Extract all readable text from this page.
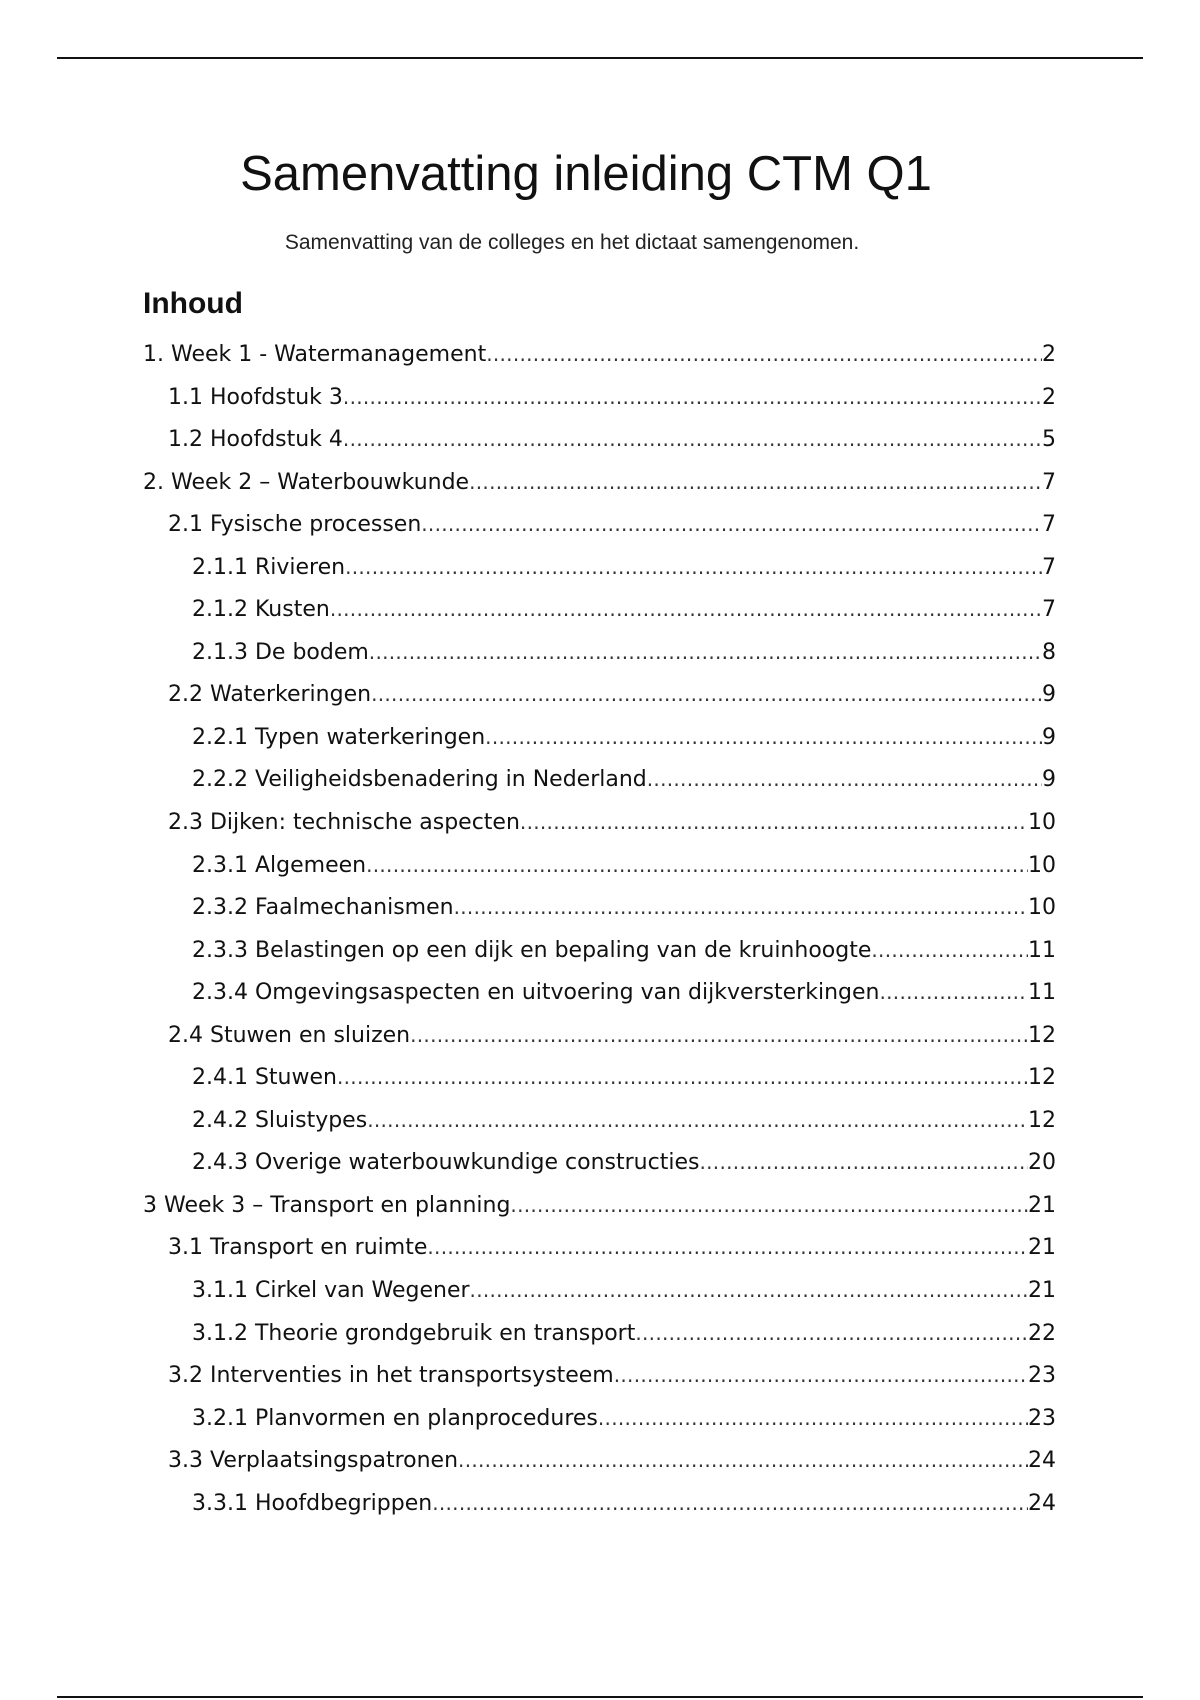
Samenvatting inleiding CTM Q1

Samenvatting van de colleges en het dictaat samengenomen.

Inhoud
1. Week 1 - Watermanagement .....	2
1.1 Hoofdstuk 3 .....	2
1.2 Hoofdstuk 4 .....	5
2. Week 2 – Waterbouwkunde .....	7
2.1 Fysische processen .....	7
2.1.1 Rivieren .....	7
2.1.2 Kusten .....	7
2.1.3 De bodem .....	8
2.2 Waterkeringen .....	9
2.2.1 Typen waterkeringen .....	9
2.2.2 Veiligheidsbenadering in Nederland .....	9
2.3 Dijken: technische aspecten .....	10
2.3.1 Algemeen .....	10
2.3.2 Faalmechanismen .....	10
2.3.3 Belastingen op een dijk en bepaling van de kruinhoogte .....	11
2.3.4 Omgevingsaspecten en uitvoering van dijkversterkingen .....	11
2.4 Stuwen en sluizen .....	12
2.4.1 Stuwen .....	12
2.4.2 Sluistypes .....	12
2.4.3 Overige waterbouwkundige constructies .....	20
3 Week 3 – Transport en planning .....	21
3.1 Transport en ruimte .....	21
3.1.1 Cirkel van Wegener .....	21
3.1.2 Theorie grondgebruik en transport .....	22
3.2 Interventies in het transportsysteem .....	23
3.2.1 Planvormen en planprocedures .....	23
3.3 Verplaatsingspatronen .....	24
3.3.1 Hoofdbegrippen .....	24
